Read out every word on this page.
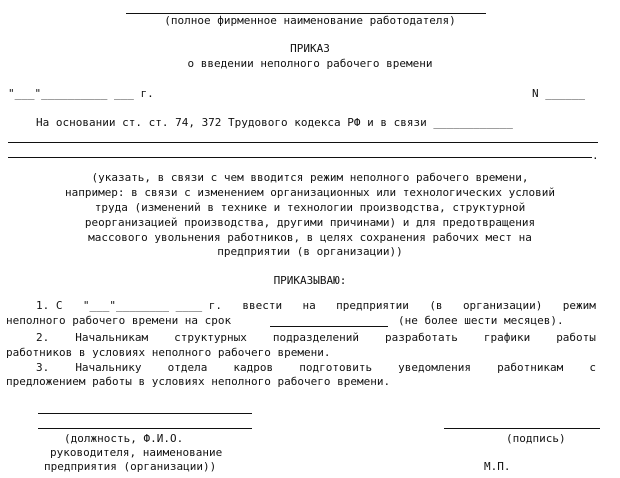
(полное фирменное наименование работодателя)
ПРИКАЗ
о введении неполного рабочего времени
"___"__________ ___ г.	N ______
На основании ст. ст. 74, 372 Трудового кодекса РФ и в связи ____________
.
(указать, в связи с чем вводится режим неполного рабочего времени,
например: в связи с изменением организационных или технологических условий
труда (изменений в технике и технологии производства, структурной
реорганизацией производства, другими причинами) и для предотвращения
массового увольнения работников, в целях сохранения рабочих мест на
предприятии (в организации))
ПРИКАЗЫВАЮ:
1. С "___"________ ____ г. ввести на предприятии (в организации) режим
неполного рабочего времени на срок	(не более шести месяцев).
2. Начальникам структурных подразделений разработать графики работы
работников в условиях неполного рабочего времени.
3. Начальнику отдела кадров подготовить уведомления работникам с
предложением работы в условиях неполного рабочего времени.
(должность, Ф.И.О.
руководителя, наименование
предприятия (организации))
(подпись)
М.П.
